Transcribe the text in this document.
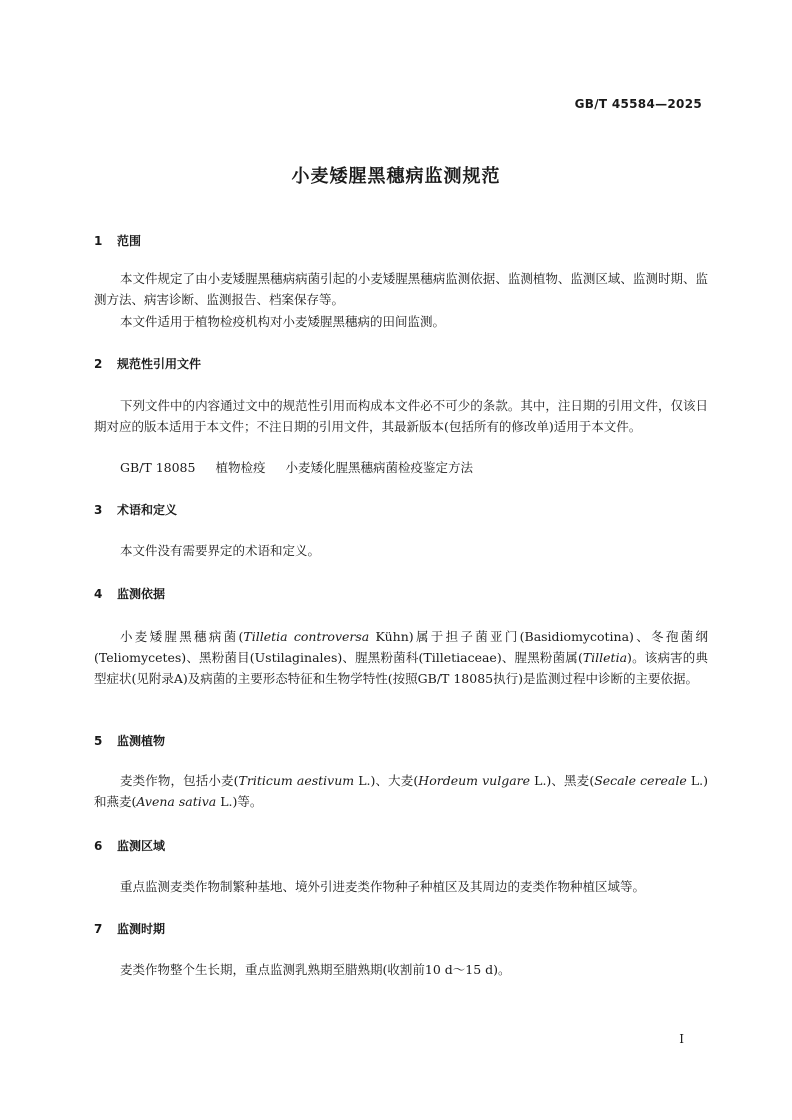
GB/T 45584—2025
小麦矮腥黑穗病监测规范
1 范围
本文件规定了由小麦矮腥黑穗病病菌引起的小麦矮腥黑穗病监测依据、监测植物、监测区域、监测时期、监测方法、病害诊断、监测报告、档案保存等。
本文件适用于植物检疫机构对小麦矮腥黑穗病的田间监测。
2 规范性引用文件
下列文件中的内容通过文中的规范性引用而构成本文件必不可少的条款。其中，注日期的引用文件，仅该日期对应的版本适用于本文件；不注日期的引用文件，其最新版本(包括所有的修改单)适用于本文件。
GB/T 18085 植物检疫 小麦矮化腥黑穗病菌检疫鉴定方法
3 术语和定义
本文件没有需要界定的术语和定义。
4 监测依据
小麦矮腥黑穗病菌(Tilletia controversa Kühn)属于担子菌亚门(Basidiomycotina)、冬孢菌纲(Teliomycetes)、黑粉菌目(Ustilaginales)、腥黑粉菌科(Tilletiaceae)、腥黑粉菌属(Tilletia)。该病害的典型症状(见附录A)及病菌的主要形态特征和生物学特性(按照GB/T 18085执行)是监测过程中诊断的主要依据。
5 监测植物
麦类作物，包括小麦(Triticum aestivum L.)、大麦(Hordeum vulgare L.)、黑麦(Secale cereale L.)和燕麦(Avena sativa L.)等。
6 监测区域
重点监测麦类作物制繁种基地、境外引进麦类作物种子种植区及其周边的麦类作物种植区域等。
7 监测时期
麦类作物整个生长期，重点监测乳熟期至腊熟期(收割前10 d～15 d)。
I
